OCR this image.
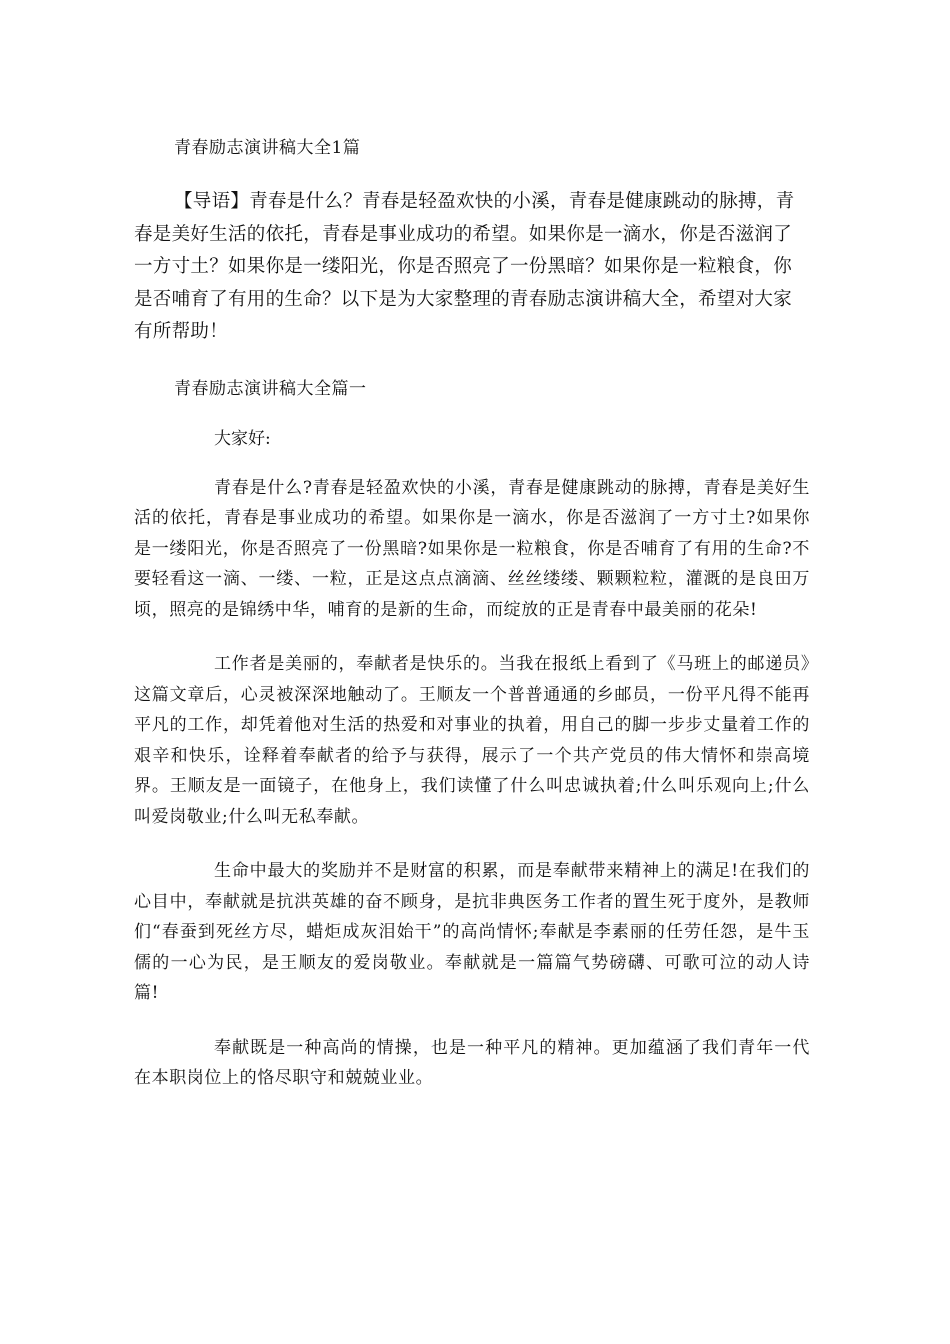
青春励志演讲稿大全1篇
【导语】青春是什么？青春是轻盈欢快的小溪，青春是健康跳动的脉搏，青春是美好生活的依托，青春是事业成功的希望。如果你是一滴水，你是否滋润了一方寸土？如果你是一缕阳光，你是否照亮了一份黑暗？如果你是一粒粮食，你是否哺育了有用的生命？以下是为大家整理的青春励志演讲稿大全，希望对大家有所帮助！
青春励志演讲稿大全篇一
大家好:
青春是什么?青春是轻盈欢快的小溪，青春是健康跳动的脉搏，青春是美好生活的依托，青春是事业成功的希望。如果你是一滴水，你是否滋润了一方寸土?如果你是一缕阳光，你是否照亮了一份黑暗?如果你是一粒粮食，你是否哺育了有用的生命?不要轻看这一滴、一缕、一粒，正是这点点滴滴、丝丝缕缕、颗颗粒粒，灌溉的是良田万顷，照亮的是锦绣中华，哺育的是新的生命，而绽放的正是青春中最美丽的花朵!
工作者是美丽的，奉献者是快乐的。当我在报纸上看到了《马班上的邮递员》这篇文章后，心灵被深深地触动了。王顺友一个普普通通的乡邮员，一份平凡得不能再平凡的工作，却凭着他对生活的热爱和对事业的执着，用自己的脚一步步丈量着工作的艰辛和快乐，诠释着奉献者的给予与获得，展示了一个共产党员的伟大情怀和崇高境界。王顺友是一面镜子，在他身上，我们读懂了什么叫忠诚执着;什么叫乐观向上;什么叫爱岗敬业;什么叫无私奉献。
生命中最大的奖励并不是财富的积累，而是奉献带来精神上的满足!在我们的心目中，奉献就是抗洪英雄的奋不顾身，是抗非典医务工作者的置生死于度外，是教师们“春蚕到死丝方尽，蜡炬成灰泪始干”的高尚情怀;奉献是李素丽的任劳任怨，是牛玉儒的一心为民，是王顺友的爱岗敬业。奉献就是一篇篇气势磅礴、可歌可泣的动人诗篇!
奉献既是一种高尚的情操，也是一种平凡的精神。更加蕴涵了我们青年一代在本职岗位上的恪尽职守和兢兢业业。
